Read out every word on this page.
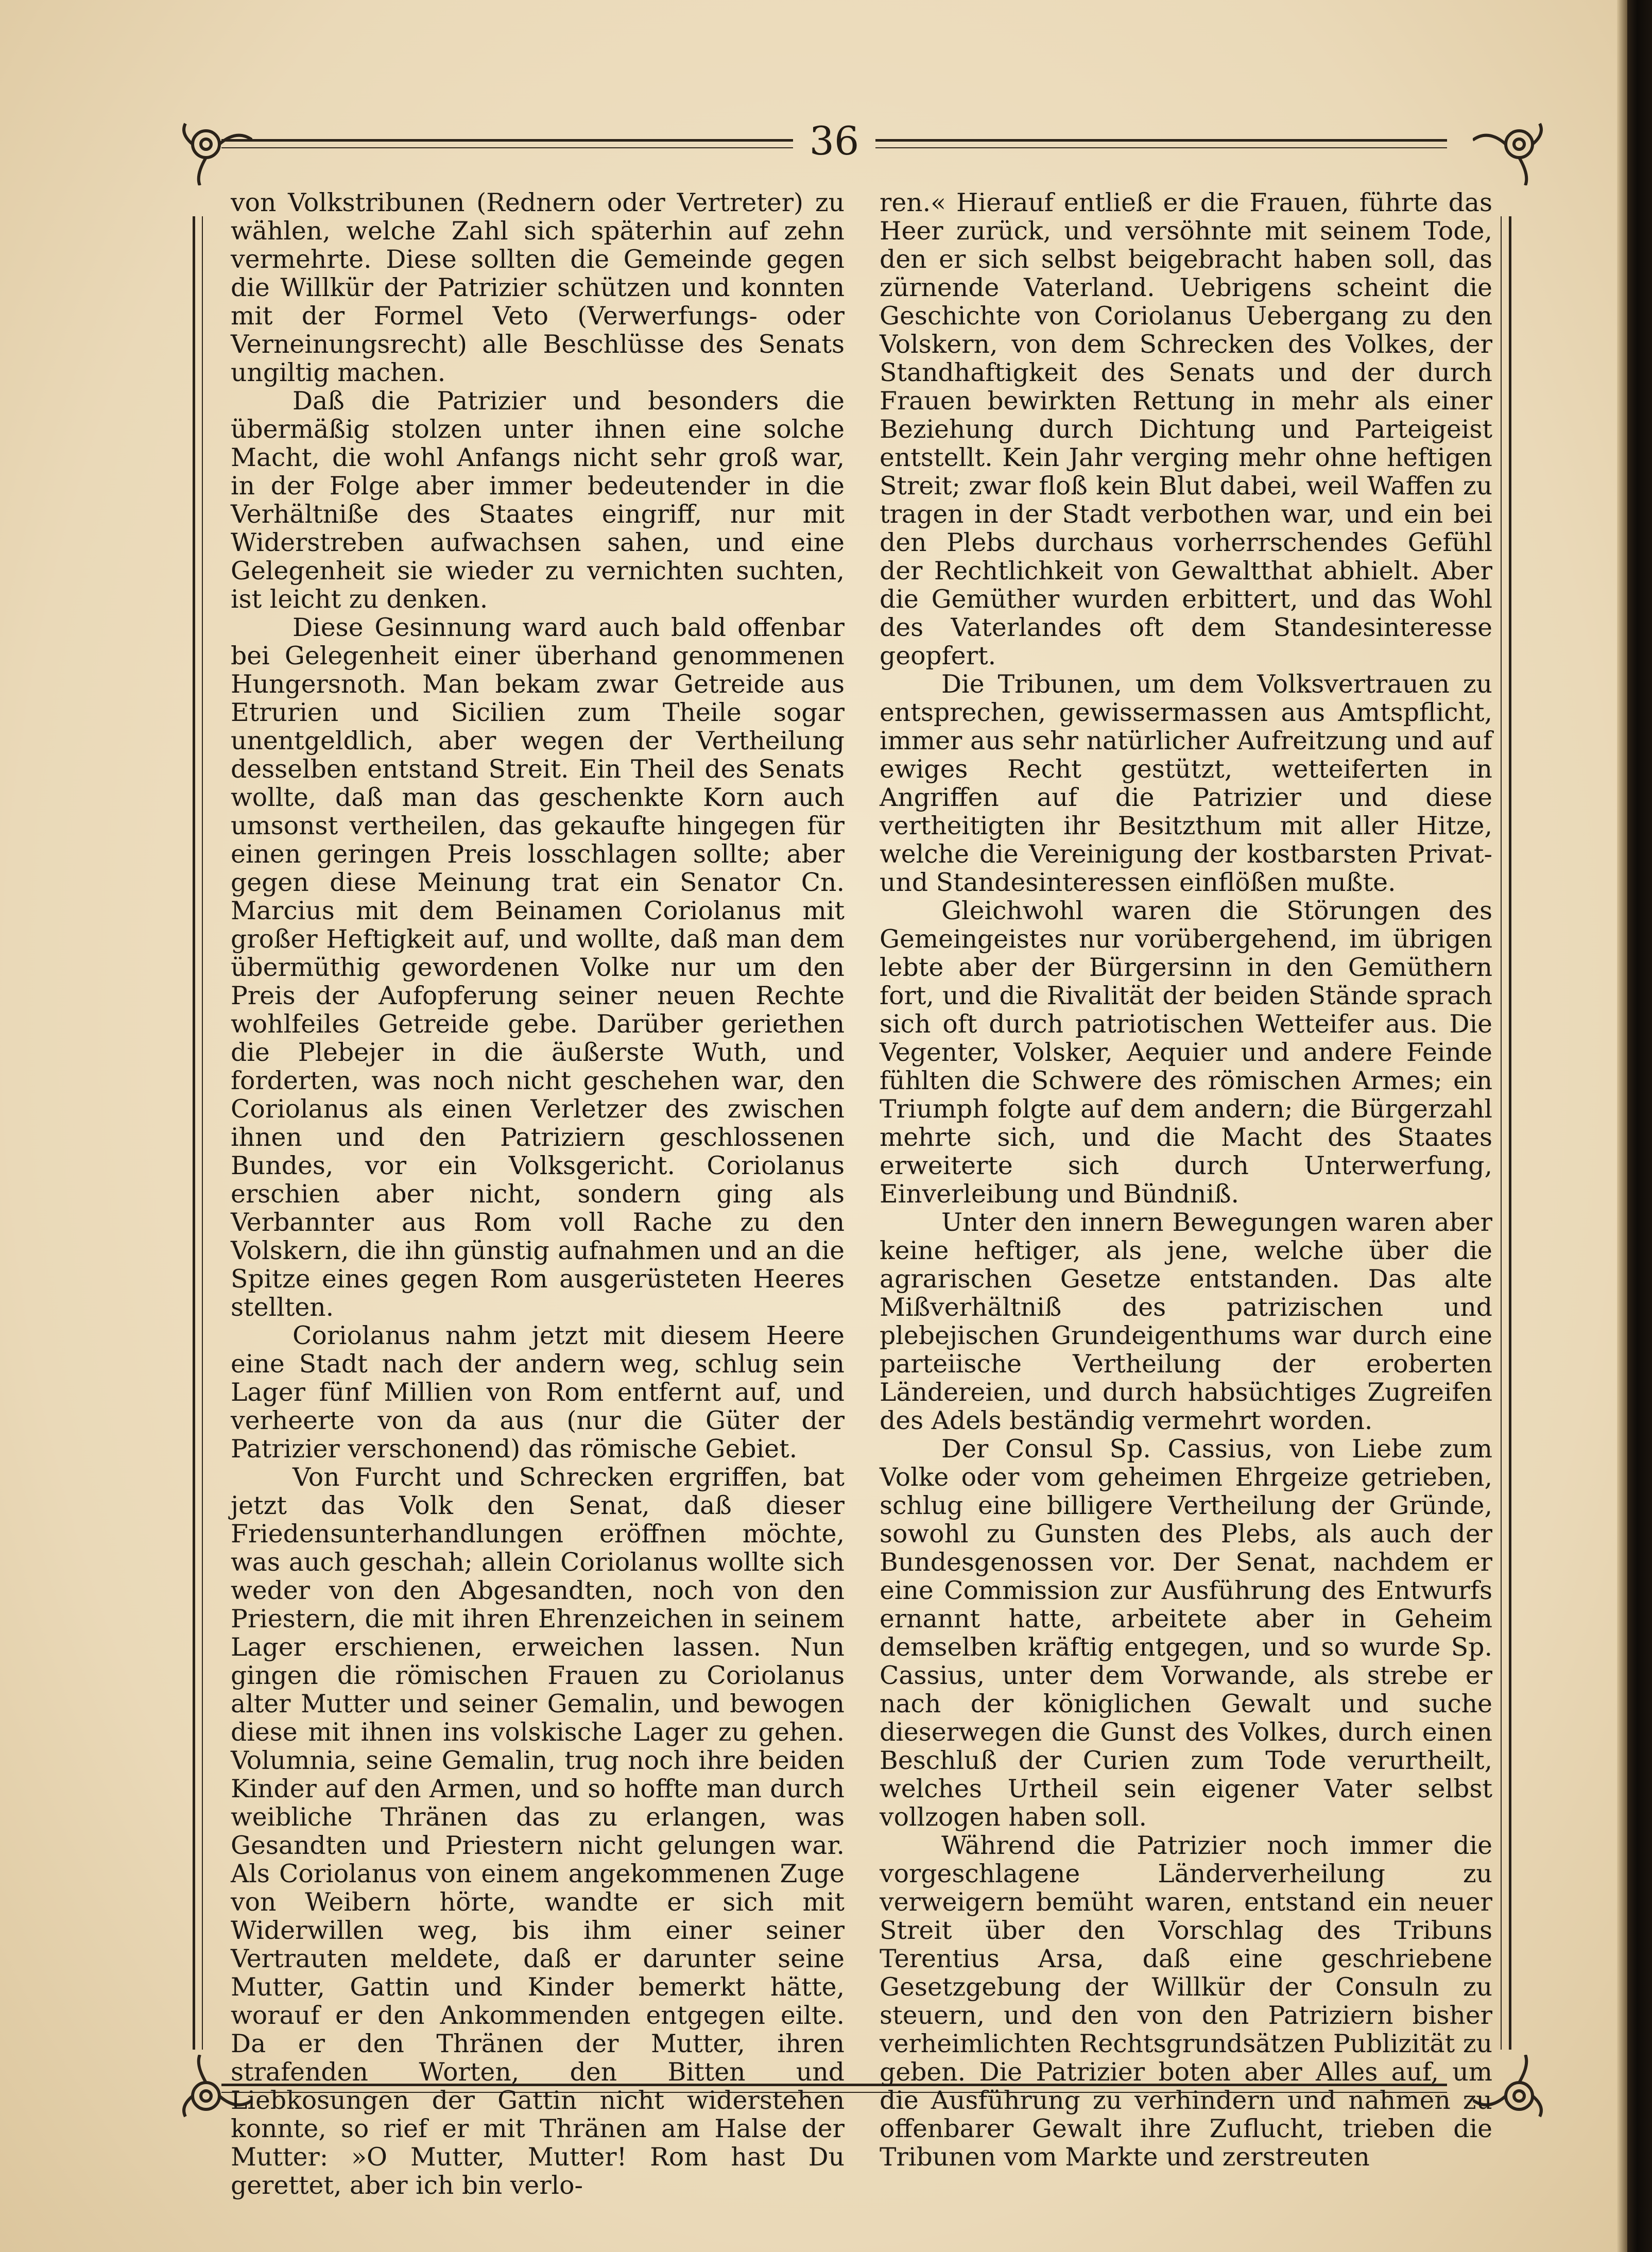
36

von Volkstribunen (Rednern oder Vertreter) zu wählen, welche Zahl sich späterhin auf zehn vermehrte. Diese sollten die Gemeinde gegen die Willkür der Patrizier schützen und konnten mit der Formel Veto (Verwerfungs- oder Verneinungsrecht) alle Beschlüsse des Senats ungiltig machen.

Daß die Patrizier und besonders die übermäßig stolzen unter ihnen eine solche Macht, die wohl Anfangs nicht sehr groß war, in der Folge aber immer bedeutender in die Verhältniße des Staates eingriff, nur mit Widerstreben aufwachsen sahen, und eine Gelegenheit sie wieder zu vernichten suchten, ist leicht zu denken.

Diese Gesinnung ward auch bald offenbar bei Gelegenheit einer überhand genommenen Hungersnoth. Man bekam zwar Getreide aus Etrurien und Sicilien zum Theile sogar unentgeldlich, aber wegen der Vertheilung desselben entstand Streit. Ein Theil des Senats wollte, daß man das geschenkte Korn auch umsonst vertheilen, das gekaufte hingegen für einen geringen Preis losschlagen sollte; aber gegen diese Meinung trat ein Senator Cn. Marcius mit dem Beinamen Coriolanus mit großer Heftigkeit auf, und wollte, daß man dem übermüthig gewordenen Volke nur um den Preis der Aufopferung seiner neuen Rechte wohlfeiles Getreide gebe. Darüber geriethen die Plebejer in die äußerste Wuth, und forderten, was noch nicht geschehen war, den Coriolanus als einen Verletzer des zwischen ihnen und den Patriziern geschlossenen Bundes, vor ein Volksgericht. Coriolanus erschien aber nicht, sondern ging als Verbannter aus Rom voll Rache zu den Volskern, die ihn günstig aufnahmen und an die Spitze eines gegen Rom ausgerüsteten Heeres stellten.

Coriolanus nahm jetzt mit diesem Heere eine Stadt nach der andern weg, schlug sein Lager fünf Millien von Rom entfernt auf, und verheerte von da aus (nur die Güter der Patrizier verschonend) das römische Gebiet.

Von Furcht und Schrecken ergriffen, bat jetzt das Volk den Senat, daß dieser Friedensunterhandlungen eröffnen möchte, was auch geschah; allein Coriolanus wollte sich weder von den Abgesandten, noch von den Priestern, die mit ihren Ehrenzeichen in seinem Lager erschienen, erweichen lassen. Nun gingen die römischen Frauen zu Coriolanus alter Mutter und seiner Gemalin, und bewogen diese mit ihnen ins volskische Lager zu gehen. Volumnia, seine Gemalin, trug noch ihre beiden Kinder auf den Armen, und so hoffte man durch weibliche Thränen das zu erlangen, was Gesandten und Priestern nicht gelungen war. Als Coriolanus von einem angekommenen Zuge von Weibern hörte, wandte er sich mit Widerwillen weg, bis ihm einer seiner Vertrauten meldete, daß er darunter seine Mutter, Gattin und Kinder bemerkt hätte, worauf er den Ankommenden entgegen eilte. Da er den Thränen der Mutter, ihren strafenden Worten, den Bitten und Liebkosungen der Gattin nicht widerstehen konnte, so rief er mit Thränen am Halse der Mutter: »O Mutter, Mutter! Rom hast Du gerettet, aber ich bin verlo-

ren.« Hierauf entließ er die Frauen, führte das Heer zurück, und versöhnte mit seinem Tode, den er sich selbst beigebracht haben soll, das zürnende Vaterland. Uebrigens scheint die Geschichte von Coriolanus Uebergang zu den Volskern, von dem Schrecken des Volkes, der Standhaftigkeit des Senats und der durch Frauen bewirkten Rettung in mehr als einer Beziehung durch Dichtung und Parteigeist entstellt. Kein Jahr verging mehr ohne heftigen Streit; zwar floß kein Blut dabei, weil Waffen zu tragen in der Stadt verbothen war, und ein bei den Plebs durchaus vorherrschendes Gefühl der Rechtlichkeit von Gewaltthat abhielt. Aber die Gemüther wurden erbittert, und das Wohl des Vaterlandes oft dem Standesinteresse geopfert.

Die Tribunen, um dem Volksvertrauen zu entsprechen, gewissermassen aus Amtspflicht, immer aus sehr natürlicher Aufreitzung und auf ewiges Recht gestützt, wetteiferten in Angriffen auf die Patrizier und diese vertheitigten ihr Besitzthum mit aller Hitze, welche die Vereinigung der kostbarsten Privat- und Standesinteressen einflößen mußte.

Gleichwohl waren die Störungen des Gemeingeistes nur vorübergehend, im übrigen lebte aber der Bürgersinn in den Gemüthern fort, und die Rivalität der beiden Stände sprach sich oft durch patriotischen Wetteifer aus. Die Vegenter, Volsker, Aequier und andere Feinde fühlten die Schwere des römischen Armes; ein Triumph folgte auf dem andern; die Bürgerzahl mehrte sich, und die Macht des Staates erweiterte sich durch Unterwerfung, Einverleibung und Bündniß.

Unter den innern Bewegungen waren aber keine heftiger, als jene, welche über die agrarischen Gesetze entstanden. Das alte Mißverhältniß des patrizischen und plebejischen Grundeigenthums war durch eine parteiische Vertheilung der eroberten Ländereien, und durch habsüchtiges Zugreifen des Adels beständig vermehrt worden.

Der Consul Sp. Cassius, von Liebe zum Volke oder vom geheimen Ehrgeize getrieben, schlug eine billigere Vertheilung der Gründe, sowohl zu Gunsten des Plebs, als auch der Bundesgenossen vor. Der Senat, nachdem er eine Commission zur Ausführung des Entwurfs ernannt hatte, arbeitete aber in Geheim demselben kräftig entgegen, und so wurde Sp. Cassius, unter dem Vorwande, als strebe er nach der königlichen Gewalt und suche dieserwegen die Gunst des Volkes, durch einen Beschluß der Curien zum Tode verurtheilt, welches Urtheil sein eigener Vater selbst vollzogen haben soll.

Während die Patrizier noch immer die vorgeschlagene Länderverheilung zu verweigern bemüht waren, entstand ein neuer Streit über den Vorschlag des Tribuns Terentius Arsa, daß eine geschriebene Gesetzgebung der Willkür der Consuln zu steuern, und den von den Patriziern bisher verheimlichten Rechtsgrundsätzen Publizität zu geben. Die Patrizier boten aber Alles auf, um die Ausführung zu verhindern und nahmen zu offenbarer Gewalt ihre Zuflucht, trieben die Tribunen vom Markte und zerstreuten
